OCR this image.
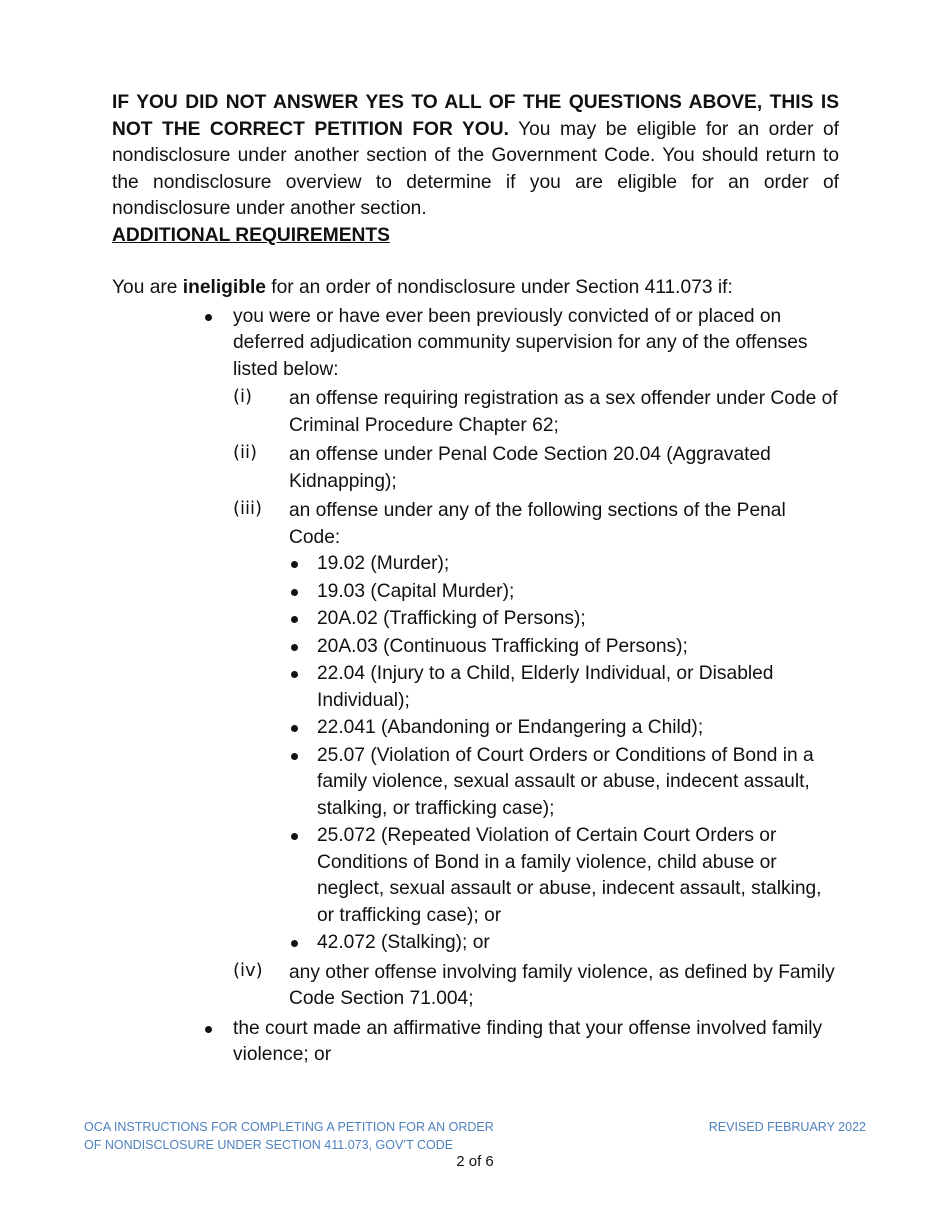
IF YOU DID NOT ANSWER YES TO ALL OF THE QUESTIONS ABOVE, THIS IS NOT THE CORRECT PETITION FOR YOU. You may be eligible for an order of nondisclosure under another section of the Government Code. You should return to the nondisclosure overview to determine if you are eligible for an order of nondisclosure under another section.

ADDITIONAL REQUIREMENTS

You are ineligible for an order of nondisclosure under Section 411.073 if:

you were or have ever been previously convicted of or placed on deferred adjudication community supervision for any of the offenses listed below:
(i) an offense requiring registration as a sex offender under Code of Criminal Procedure Chapter 62;
(ii) an offense under Penal Code Section 20.04 (Aggravated Kidnapping);
(iii) an offense under any of the following sections of the Penal Code:
19.02 (Murder);
19.03 (Capital Murder);
20A.02 (Trafficking of Persons);
20A.03 (Continuous Trafficking of Persons);
22.04 (Injury to a Child, Elderly Individual, or Disabled Individual);
22.041 (Abandoning or Endangering a Child);
25.07 (Violation of Court Orders or Conditions of Bond in a family violence, sexual assault or abuse, indecent assault, stalking, or trafficking case);
25.072 (Repeated Violation of Certain Court Orders or Conditions of Bond in a family violence, child abuse or neglect, sexual assault or abuse, indecent assault, stalking, or trafficking case); or
42.072 (Stalking); or
(iv) any other offense involving family violence, as defined by Family Code Section 71.004;
the court made an affirmative finding that your offense involved family violence; or
OCA INSTRUCTIONS FOR COMPLETING A PETITION FOR AN ORDER
OF NONDISCLOSURE UNDER SECTION 411.073, GOV’T CODE
REVISED FEBRUARY 2022
2 of 6
